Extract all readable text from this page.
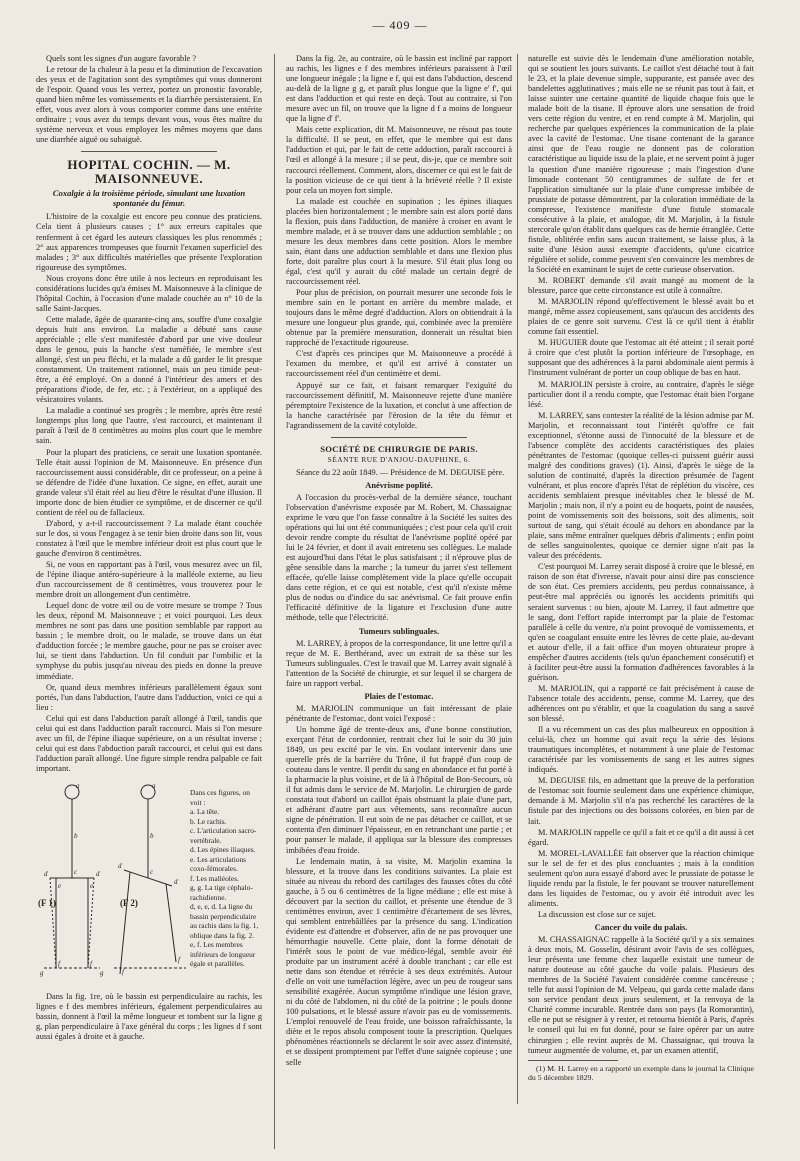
— 409 —

Quels sont les signes d'un augure favorable ?

Le retour de la chaleur à la peau et la diminution de l'excavation des yeux et de l'agitation sont des symptômes qui vous donneront de l'espoir. Quand vous les verrez, portez un pronostic favorable, quand bien même les vomissements et la diarrhée persisteraient. En effet, vous avez alors à vous comporter comme dans une entérite ordinaire ; vous avez du temps devant vous, vous êtes maître du système nerveux et vous employez les mêmes moyens que dans une diarrhée aiguë ou subaiguë.

HOPITAL COCHIN. — M. MAISONNEUVE.

Coxalgie à la troisième période, simulant une luxation spontanée du fémur.

L'histoire de la coxalgie est encore peu connue des praticiens. Cela tient à plusieurs causes ; 1° aux erreurs capitales que renferment à cet égard les auteurs classiques les plus renommés ; 2° aux apparences trompeuses que fournit l'examen superficiel des malades ; 3° aux difficultés matérielles que présente l'exploration rigoureuse des symptômes.

Nous croyons donc être utile à nos lecteurs en reproduisant les considérations lucides qu'a émises M. Maisonneuve à la clinique de l'hôpital Cochin, à l'occasion d'une malade couchée au n° 10 de la salle Saint-Jacques.

Cette malade, âgée de quarante-cinq ans, souffre d'une coxalgie depuis huit ans environ. La maladie a débuté sans cause appréciable ; elle s'est manifestée d'abord par une vive douleur dans le genou, puis la hanche s'est tuméfiée, le membre s'est allongé, s'est un peu fléchi, et la malade a dû garder le lit presque constamment. Un traitement rationnel, mais un peu timide peut-être, a été employé. On a donné à l'intérieur des amers et des préparations d'iode, de fer, etc. ; à l'extérieur, on a appliqué des vésicatoires volants.

La maladie a continué ses progrès ; le membre, après être resté longtemps plus long que l'autre, s'est raccourci, et maintenant il paraît à l'œil de 8 centimètres au moins plus court que le membre sain.

Pour la plupart des praticiens, ce serait une luxation spontanée. Telle était aussi l'opinion de M. Maisonneuve. En présence d'un raccourcissement aussi considérable, dit ce professeur, on a peine à se défendre de l'idée d'une luxation. Ce signe, en effet, aurait une grande valeur s'il était réel au lieu d'être le résultat d'une illusion. Il importe donc de bien étudier ce symptôme, et de discerner ce qu'il contient de réel ou de fallacieux.

D'abord, y a-t-il raccourcissement ? La malade étant couchée sur le dos, si vous l'engagez à se tenir bien droite dans son lit, vous constatez à l'œil que le membre inférieur droit est plus court que le gauche d'environ 8 centimètres.

Si, ne vous en rapportant pas à l'œil, vous mesurez avec un fil, de l'épine iliaque antéro-supérieure à la malléole externe, au lieu d'un raccourcissement de 8 centimètres, vous trouverez pour le membre droit un allongement d'un centimètre.

Lequel donc de votre œil ou de votre mesure se trompe ? Tous les deux, répond M. Maisonneuve ; et voici pourquoi. Les deux membres ne sont pas dans une position semblable par rapport au bassin ; le membre droit, ou le malade, se trouve dans un état d'adduction forcée ; le membre gauche, pour ne pas se croiser avec lui, se tient dans l'abduction. Un fil conduit par l'ombilic et la symphyse du pubis jusqu'au niveau des pieds en donne la preuve immédiate.

Or, quand deux membres inférieurs parallèlement égaux sont portés, l'un dans l'abduction, l'autre dans l'adduction, voici ce qui a lieu :

Celui qui est dans l'abduction paraît allongé à l'œil, tandis que celui qui est dans l'adduction paraît raccourci. Mais si l'on mesure avec un fil, de l'épine iliaque supérieure, on a un résultat inverse ; celui qui est dans l'abduction paraît raccourci, et celui qui est dans l'adduction paraît allongé. Une figure simple rendra palpable ce fait important.

a
b
c
d	d
e	e
f	f
g	g
a
b
c
d
d
f
f
Dans ces figures, on voit :
a. La tête.
b. Le rachis.
c. L'articulation sacro-vertébrale.
d. Les épines iliaques.
e. Les articulations coxo-fémorales.
f. Les malléoles.
g, g. La tige céphalo-rachidienne.
d, e, e, d. La ligne du bassin perpendiculaire au rachis dans la fig. 1, oblique dans la fig. 2.
e, f. Les membres inférieurs de longueur égale et parallèles.
(F 1)	(F 2)

Dans la fig. 1re, où le bassin est perpendiculaire au rachis, les lignes e f des membres inférieurs, également perpendiculaires au bassin, donnent à l'œil la même longueur et tombent sur la ligne g g, plan perpendiculaire à l'axe général du corps ; les lignes d f sont aussi égales à droite et à gauche.

Dans la fig. 2e, au contraire, où le bassin est incliné par rapport au rachis, les lignes e f des membres inférieurs paraissent à l'œil une longueur inégale ; la ligne e f, qui est dans l'abduction, descend au-delà de la ligne g g, et paraît plus longue que la ligne e' f', qui est dans l'adduction et qui reste en deçà. Tout au contraire, si l'on mesure avec un fil, on trouve que la ligne d f a moins de longueur que la ligne d' f'.

Mais cette explication, dit M. Maisonneuve, ne résout pas toute la difficulté. Il se peut, en effet, que le membre qui est dans l'adduction et qui, par le fait de cette adduction, paraît raccourci à l'œil et allongé à la mesure ; il se peut, dis-je, que ce membre soit raccourci réellement. Comment, alors, discerner ce qui est le fait de la position vicieuse de ce qui tient à la brièveté réelle ? Il existe pour cela un moyen fort simple.

La malade est couchée en supination ; les épines iliaques placées bien horizontalement ; le membre sain est alors porté dans la flexion, puis dans l'adduction, de manière à croiser en avant le membre malade, et à se trouver dans une adduction semblable ; on mesure les deux membres dans cette position. Alors le membre sain, étant dans une adduction semblable et dans une flexion plus forte, doit paraître plus court à la mesure. S'il était plus long ou égal, c'est qu'il y aurait du côté malade un certain degré de raccourcissement réel.

Pour plus de précision, on pourrait mesurer une seconde fois le membre sain en le portant en arrière du membre malade, et toujours dans le même degré d'adduction. Alors on obtiendrait à la mesure une longueur plus grande, qui, combinée avec la première obtenue par la première mensuration, donnerait un résultat bien rapproché de l'exactitude rigoureuse.

C'est d'après ces principes que M. Maisonneuve a procédé à l'examen du membre, et qu'il est arrivé à constater un raccourcissement réel d'un centimètre et demi.

Appuyé sur ce fait, et faisant remarquer l'exiguïté du raccourcissement définitif, M. Maisonneuve rejette d'une manière péremptoire l'existence de la luxation, et conclut à une affection de la hanche caractérisée par l'érosion de la tête du fémur et l'agrandissement de la cavité cotyloïde.

SOCIÉTÉ DE CHIRURGIE DE PARIS.

SÉANTE RUE D'ANJOU-DAUPHINE, 6.

Séance du 22 août 1849. — Présidence de M. DEGUISE père.

Anévrisme poplité.

A l'occasion du procès-verbal de la dernière séance, touchant l'observation d'anévrisme exposée par M. Robert, M. Chassaignac exprime le vœu que l'on fasse connaître à la Société les suites des opérations qui lui ont été communiquées ; c'est pour cela qu'il croit devoir rendre compte du résultat de l'anévrisme poplité opéré par lui le 24 février, et dont il avait entretenu ses collègues. Le malade est aujourd'hui dans l'état le plus satisfaisant ; il n'éprouve plus de gêne sensible dans la marche ; la tumeur du jarret s'est tellement effacée, qu'elle laisse complètement vide la place qu'elle occupait dans cette région, et ce qui est notable, c'est qu'il n'existe même plus de nodus ou d'indice du sac anévrismal. Ce fait prouve enfin l'efficacité définitive de la ligature et l'exclusion d'une autre méthode, telle que l'électricité.

Tumeurs sublinguales.

M. LARREY, à propos de la correspondance, lit une lettre qu'il a reçue de M. E. Berthérand, avec un extrait de sa thèse sur les Tumeurs sublinguales. C'est le travail que M. Larrey avait signalé à l'attention de la Société de chirurgie, et sur lequel il se chargera de faire un rapport verbal.

Plaies de l'estomac.

M. MARJOLIN communique un fait intéressant de plaie pénétrante de l'estomac, dont voici l'exposé :

Un homme âgé de trente-deux ans, d'une bonne constitution, exerçant l'état de cordonnier, rentrait chez lui le soir du 30 juin 1849, un peu excité par le vin. En voulant intervenir dans une querelle près de la barrière du Trône, il fut frappé d'un coup de couteau dans le ventre. Il perdit du sang en abondance et fut porté à la pharmacie la plus voisine, et de là à l'hôpital de Bon-Secours, où il fut admis dans le service de M. Marjolin. Le chirurgien de garde constata tout d'abord un caillot épais obstruant la plaie d'une part, et adhérant d'autre part aux vêtements, sans reconnaître aucun signe de pénétration. Il eut soin de ne pas détacher ce caillot, et se contenta d'en diminuer l'épaisseur, en en retranchant une partie ; et pour panser le malade, il appliqua sur la blessure des compresses imbibées d'eau froide.

Le lendemain matin, à sa visite, M. Marjolin examina la blessure, et la trouve dans les conditions suivantes. La plaie est située au niveau du rebord des cartilages des fausses côtes du côté gauche, à 5 ou 6 centimètres de la ligne médiane ; elle est mise à découvert par la section du caillot, et présente une étendue de 3 centimètres environ, avec 1 centimètre d'écartement de ses lèvres, qui semblent entrebâillées par la présence du sang. L'indication évidente est d'attendre et d'observer, afin de ne pas provoquer une hémorrhagie nouvelle. Cette plaie, dont la forme dénotait de l'intérêt sous le point de vue médico-légal, semble avoir été produite par un instrument acéré à double tranchant ; car elle est nette dans son étendue et rétrécie à ses deux extrémités. Autour d'elle on voit une tuméfaction légère, avec un peu de rougeur sans sensibilité exagérée. Aucun symptôme n'indique une lésion grave, ni du côté de l'abdomen, ni du côté de la poitrine ; le pouls donne 100 pulsations, et le blessé assure n'avoir pas eu de vomissements. L'emploi renouvelé de l'eau froide, une boisson rafraîchissante, la diète et le repos absolu composent toute la prescription. Quelques phénomènes réactionnels se déclarent le soir avec assez d'intensité, et se dissipent promptement par l'effet d'une saignée copieuse ; une selle

naturelle est suivie dès le lendemain d'une amélioration notable, qui se soutient les jours suivants. Le caillot s'est détaché tout à fait le 23, et la plaie devenue simple, suppurante, est pansée avec des bandelettes agglutinatives ; mais elle ne se réunit pas tout à fait, et laisse suinter une certaine quantité de liquide chaque fois que le malade boit de la tisane. Il éprouve alors une sensation de froid vers cette région du ventre, et en rend compte à M. Marjolin, qui recherche par quelques expériences la communication de la plaie avec la cavité de l'estomac. Une tisane contenant de la garance ainsi que de l'eau rougie ne donnent pas de coloration caractéristique au liquide issu de la plaie, et ne servent point à juger la question d'une manière rigoureuse ; mais l'ingestion d'une limonade contenant 50 centigrammes de sulfate de fer et l'application simultanée sur la plaie d'une compresse imbibée de prussiate de potasse démontrent, par la coloration immédiate de la compresse, l'existence manifeste d'une fistule stomacale consécutive à la plaie, et analogue, dit M. Marjolin, à la fistule stercorale qu'on établit dans quelques cas de hernie étranglée. Cette fistule, oblitérée enfin sans aucun traitement, se laisse plus, à la suite d'une lésion aussi exempte d'accidents, qu'une cicatrice régulière et solide, comme peuvent s'en convaincre les membres de la Société en examinant le sujet de cette curieuse observation.

M. ROBERT demande s'il avait mangé au moment de la blessure, parce que cette circonstance est utile à connaître.

M. MARJOLIN répond qu'effectivement le blessé avait bu et mangé, même assez copieusement, sans qu'aucun des accidents des plaies de ce genre soit survenu. C'est là ce qu'il tient à établir comme fait essentiel.

M. HUGUIER doute que l'estomac ait été atteint ; il serait porté à croire que c'est plutôt la portion inférieure de l'œsophage, en supposant que des adhérences à la paroi abdominale aient permis à l'instrument vulnérant de porter un coup oblique de bas en haut.

M. MARJOLIN persiste à croire, au contraire, d'après le siège particulier dont il a rendu compte, que l'estomac était bien l'organe lésé.

M. LARREY, sans contester la réalité de la lésion admise par M. Marjolin, et reconnaissant tout l'intérêt qu'offre ce fait exceptionnel, s'étonne aussi de l'innocuité de la blessure et de l'absence complète des accidents caractéristiques des plaies pénétrantes de l'estomac (quoique celles-ci puissent guérir aussi malgré des conditions graves) (1). Ainsi, d'après le siège de la solution de continuité, d'après la direction présumée de l'agent vulnérant, et plus encore d'après l'état de réplétion du viscère, ces accidents semblaient presque inévitables chez le blessé de M. Marjolin ; mais non, il n'y a point eu de hoquets, point de nausées, point de vomissements soit des boissons, soit des aliments, soit surtout de sang, qui s'était écoulé au dehors en abondance par la plaie, sans même entraîner quelques débris d'aliments ; enfin point de selles sanguinolentes, quoique ce dernier signe n'ait pas la valeur des précédents.

C'est pourquoi M. Larrey serait disposé à croire que le blessé, en raison de son état d'ivresse, n'avait pour ainsi dire pas conscience de son état. Ces premiers accidents, peu perdus connaissance, à peut-être mal appréciés ou ignorés les accidents primitifs qui seraient survenus : ou bien, ajoute M. Larrey, il faut admettre que le sang, dont l'effort rapide interrompt par la plaie de l'estomac parallèle à celle du ventre, n'a point provoqué de vomissements, et qu'en se coagulant ensuite entre les lèvres de cette plaie, au-devant et autour d'elle, il a fait office d'un moyen obturateur propre à empêcher d'autres accidents (tels qu'un épanchement consécutif) et à faciliter peut-être aussi la formation d'adhérences favorables à la guérison.

M. MARJOLIN, qui a rapporté ce fait précisément à cause de l'absence totale des accidents, pense, comme M. Larrey, que des adhérences ont pu s'établir, et que la coagulation du sang a sauvé son blessé.

Il a vu récemment un cas des plus malheureux en opposition à celui-là, chez un homme qui avait reçu la série des lésions traumatiques incomplètes, et notamment à une plaie de l'estomac caractérisée par les vomissements de sang et les autres signes indiqués.

M. DEGUISE fils, en admettant que la preuve de la perforation de l'estomac soit fournie seulement dans une expérience chimique, demande à M. Marjolin s'il n'a pas recherché les caractères de la fistule par des injections ou des boissons colorées, en bien par de lait.

M. MARJOLIN rappelle ce qu'il a fait et ce qu'il a dit aussi à cet égard.

M. MOREL-LAVALLÉE fait observer que la réaction chimique sur le sel de fer et des plus concluantes ; mais à la condition seulement qu'on aura essayé d'abord avec le prussiate de potasse le liquide rendu par la fistule, le fer pouvant se trouver naturellement dans les liquides de l'estomac, ou y avoir été introduit avec les aliments.

La discussion est close sur ce sujet.

Cancer du voile du palais.

M. CHASSAIGNAC rappelle à la Société qu'il y a six semaines à deux mois, M. Gosselin, désirant avoir l'avis de ses collègues, leur présenta une femme chez laquelle existait une tumeur de nature douteuse au côté gauche du voile palais. Plusieurs des membres de la Société l'avaient considérée comme cancéreuse ; telle fut aussi l'opinion de M. Velpeau, qui garda cette malade dans son service pendant deux jours seulement, et la renvoya de la Charité comme incurable. Rentrée dans son pays (la Romorantin), elle ne put se résigner à y rester, et retourna bientôt à Paris, d'après le conseil qui lui en fut donné, pour se faire opérer par un autre chirurgien ; elle revint auprès de M. Chassaignac, qui trouva la tumeur augmentée de volume, et, par un examen attentif,

(1) M. H. Larrey en a rapporté un exemple dans le journal la Clinique du 5 décembre 1829.
